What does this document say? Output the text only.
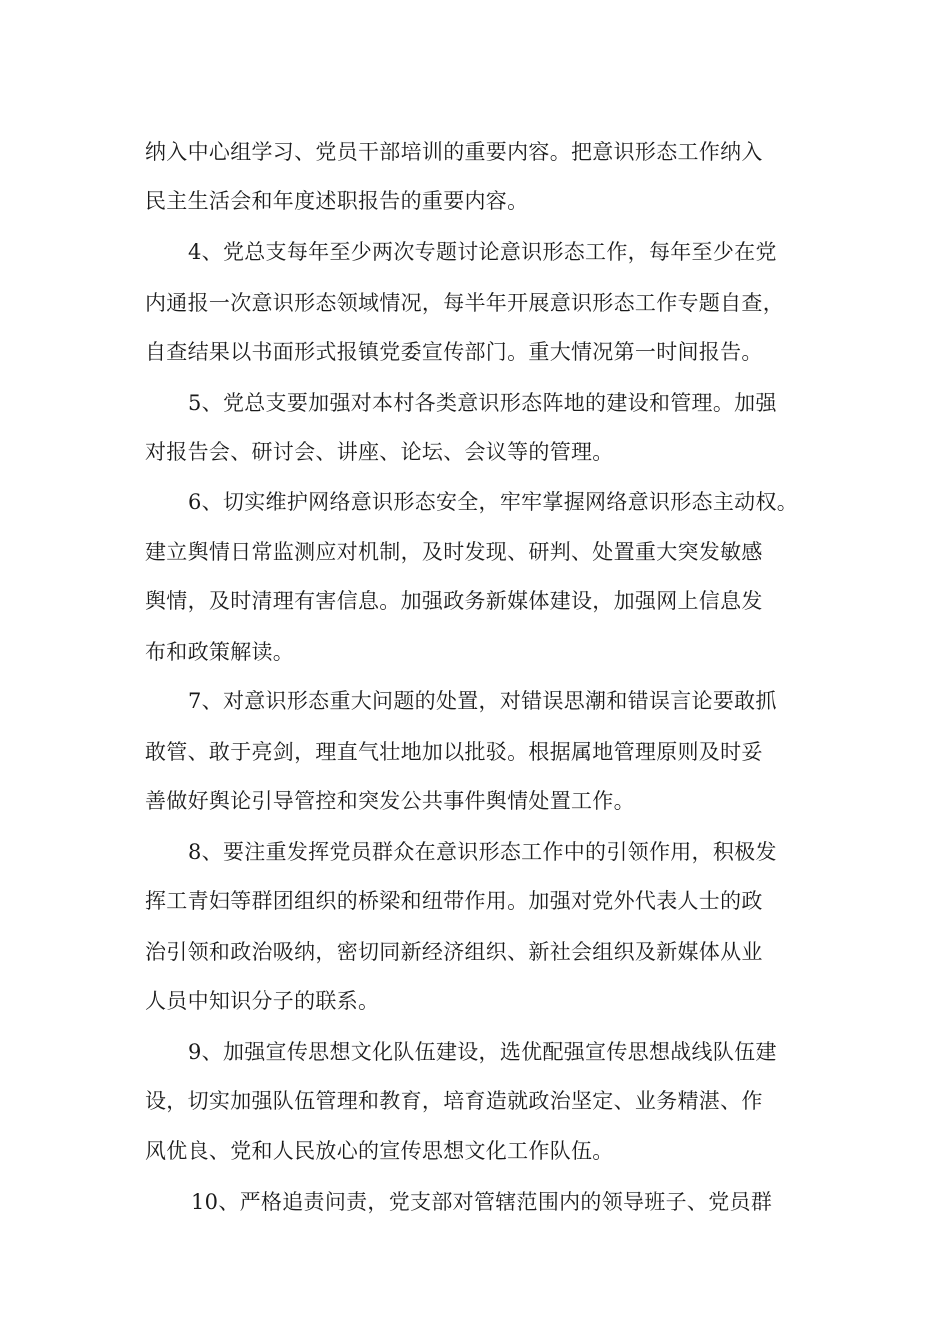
纳入中心组学习、党员干部培训的重要内容。把意识形态工作纳入

民主生活会和年度述职报告的重要内容。

4、党总支每年至少两次专题讨论意识形态工作，每年至少在党

内通报一次意识形态领域情况，每半年开展意识形态工作专题自查，

自查结果以书面形式报镇党委宣传部门。重大情况第一时间报告。

5、党总支要加强对本村各类意识形态阵地的建设和管理。加强

对报告会、研讨会、讲座、论坛、会议等的管理。

6、切实维护网络意识形态安全，牢牢掌握网络意识形态主动权。

建立舆情日常监测应对机制，及时发现、研判、处置重大突发敏感

舆情，及时清理有害信息。加强政务新媒体建设，加强网上信息发

布和政策解读。

7、对意识形态重大问题的处置，对错误思潮和错误言论要敢抓

敢管、敢于亮剑，理直气壮地加以批驳。根据属地管理原则及时妥

善做好舆论引导管控和突发公共事件舆情处置工作。

8、要注重发挥党员群众在意识形态工作中的引领作用，积极发

挥工青妇等群团组织的桥梁和纽带作用。加强对党外代表人士的政

治引领和政治吸纳，密切同新经济组织、新社会组织及新媒体从业

人员中知识分子的联系。

9、加强宣传思想文化队伍建设，选优配强宣传思想战线队伍建

设，切实加强队伍管理和教育，培育造就政治坚定、业务精湛、作

风优良、党和人民放心的宣传思想文化工作队伍。

10、严格追责问责，党支部对管辖范围内的领导班子、党员群
